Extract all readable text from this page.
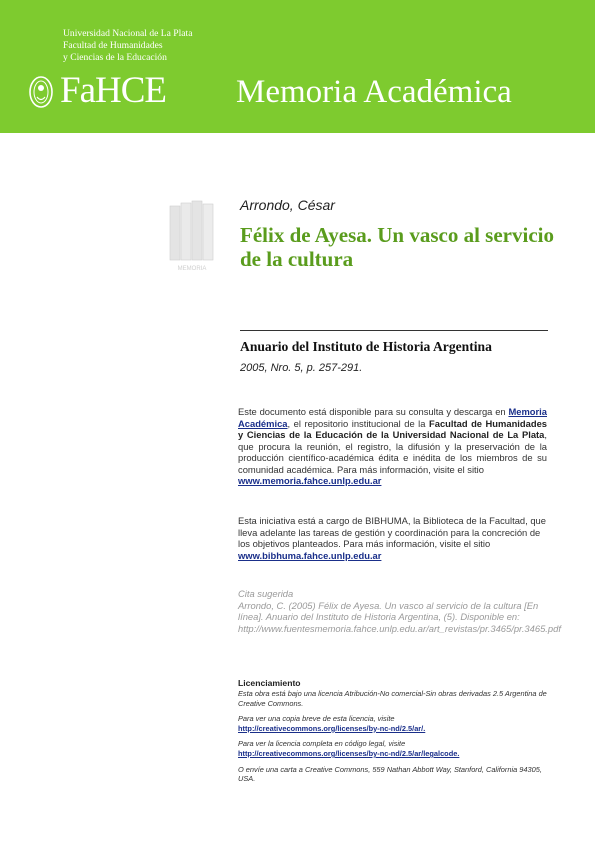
Universidad Nacional de La Plata
Facultad de Humanidades
y Ciencias de la Educación
FaHCE Memoria Académica
MEMORIA
Arrondo, César
Félix de Ayesa. Un vasco al servicio de la cultura
Anuario del Instituto de Historia Argentina
2005, Nro. 5, p. 257-291.
Este documento está disponible para su consulta y descarga en Memoria Académica, el repositorio institucional de la Facultad de Humanidades y Ciencias de la Educación de la Universidad Nacional de La Plata, que procura la reunión, el registro, la difusión y la preservación de la producción científico-académica édita e inédita de los miembros de su comunidad académica. Para más información, visite el sitio
www.memoria.fahce.unlp.edu.ar
Esta iniciativa está a cargo de BIBHUMA, la Biblioteca de la Facultad, que lleva adelante las tareas de gestión y coordinación para la concreción de los objetivos planteados. Para más información, visite el sitio
www.bibhuma.fahce.unlp.edu.ar
Cita sugerida
Arrondo, C. (2005) Félix de Ayesa. Un vasco al servicio de la cultura [En línea]. Anuario del Instituto de Historia Argentina, (5). Disponible en: http://www.fuentesmemoria.fahce.unlp.edu.ar/art_revistas/pr.3465/pr.3465.pdf
Licenciamiento

Esta obra está bajo una licencia Atribución-No comercial-Sin obras derivadas 2.5 Argentina de Creative Commons.

Para ver una copia breve de esta licencia, visite
http://creativecommons.org/licenses/by-nc-nd/2.5/ar/.

Para ver la licencia completa en código legal, visite
http://creativecommons.org/licenses/by-nc-nd/2.5/ar/legalcode.

O envíe una carta a Creative Commons, 559 Nathan Abbott Way, Stanford, California 94305, USA.
